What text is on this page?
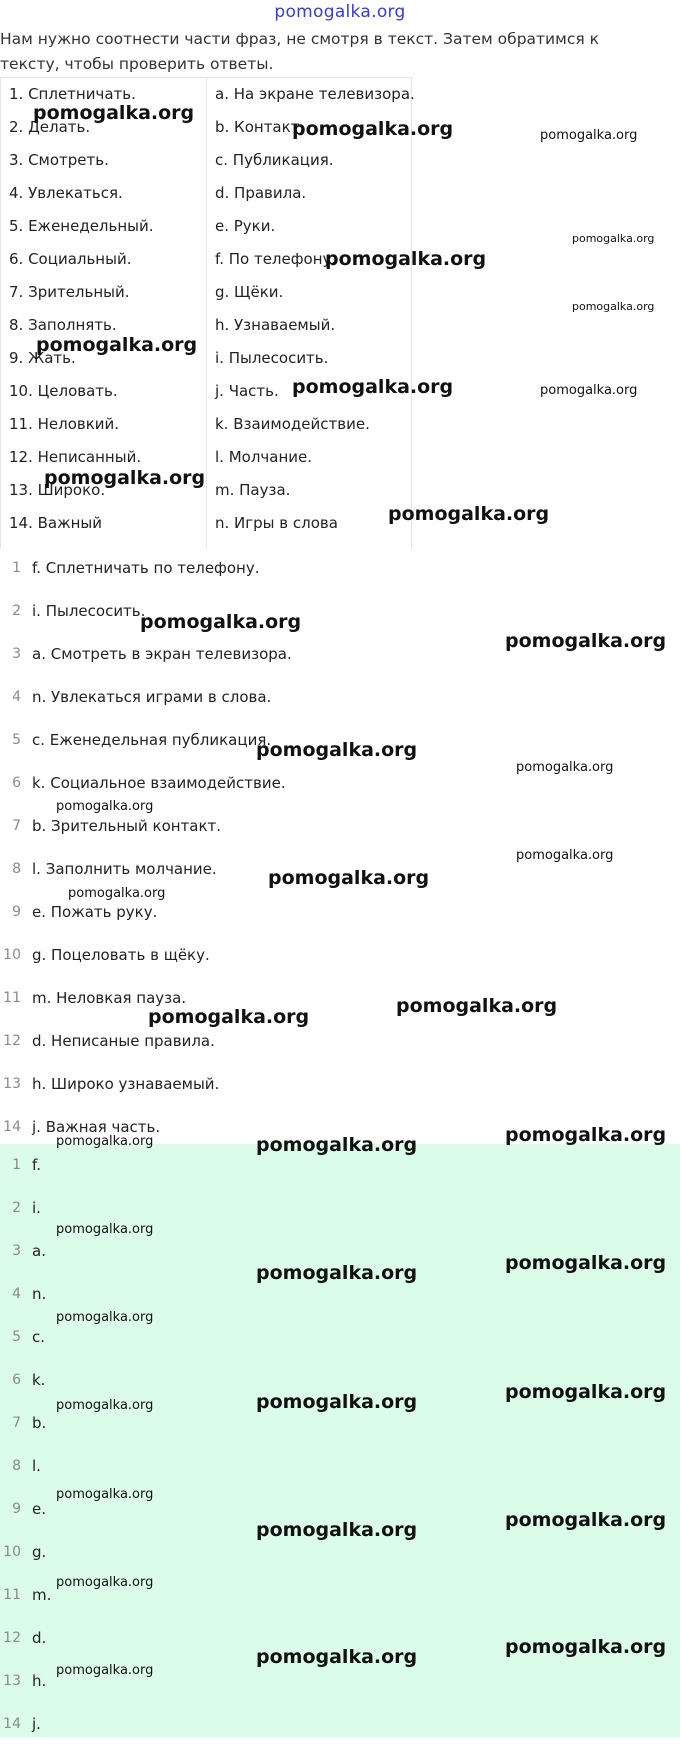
pomogalka.org
Нам нужно соотнести части фраз, не смотря в текст. Затем обратимся к тексту, чтобы проверить ответы.
1. Сплетничать.	a. На экране телевизора.
2. Делать.	b. Контакт.
3. Смотреть.	c. Публикация.
4. Увлекаться.	d. Правила.
5. Еженедельный.	e. Руки.
6. Социальный.	f. По телефону.
7. Зрительный.	g. Щёки.
8. Заполнять.	h. Узнаваемый.
9. Жать.	i. Пылесосить.
10. Целовать.	j. Часть.
11. Неловкий.	k. Взаимодействие.
12. Неписанный.	l. Молчание.
13. Широко.	m. Пауза.
14. Важный	n. Игры в слова
1 f. Сплетничать по телефону.
2 i. Пылесосить.
3 a. Смотреть в экран телевизора.
4 n. Увлекаться играми в слова.
5 c. Еженедельная публикация.
6 k. Социальное взаимодействие.
7 b. Зрительный контакт.
8 l. Заполнить молчание.
9 e. Пожать руку.
10 g. Поцеловать в щёку.
11 m. Неловкая пауза.
12 d. Неписаные правила.
13 h. Широко узнаваемый.
14 j. Важная часть.
1 f.
2 i.
3 a.
4 n.
5 c.
6 k.
7 b.
8 l.
9 e.
10 g.
11 m.
12 d.
13 h.
14 j.
pomogalka.org
pomogalka.org	pomogalka.org
pomogalka.org
pomogalka.org
pomogalka.org
pomogalka.org
pomogalka.org	pomogalka.org
pomogalka.org
pomogalka.org
pomogalka.org
pomogalka.org
pomogalka.org
pomogalka.org
pomogalka.org
pomogalka.org
pomogalka.org
pomogalka.org
pomogalka.org	pomogalka.org
pomogalka.org	pomogalka.org	pomogalka.org
pomogalka.org
pomogalka.org	pomogalka.org
pomogalka.org
pomogalka.org
pomogalka.org
pomogalka.org
pomogalka.org
pomogalka.org	pomogalka.org
pomogalka.org
pomogalka.org	pomogalka.org
pomogalka.org
